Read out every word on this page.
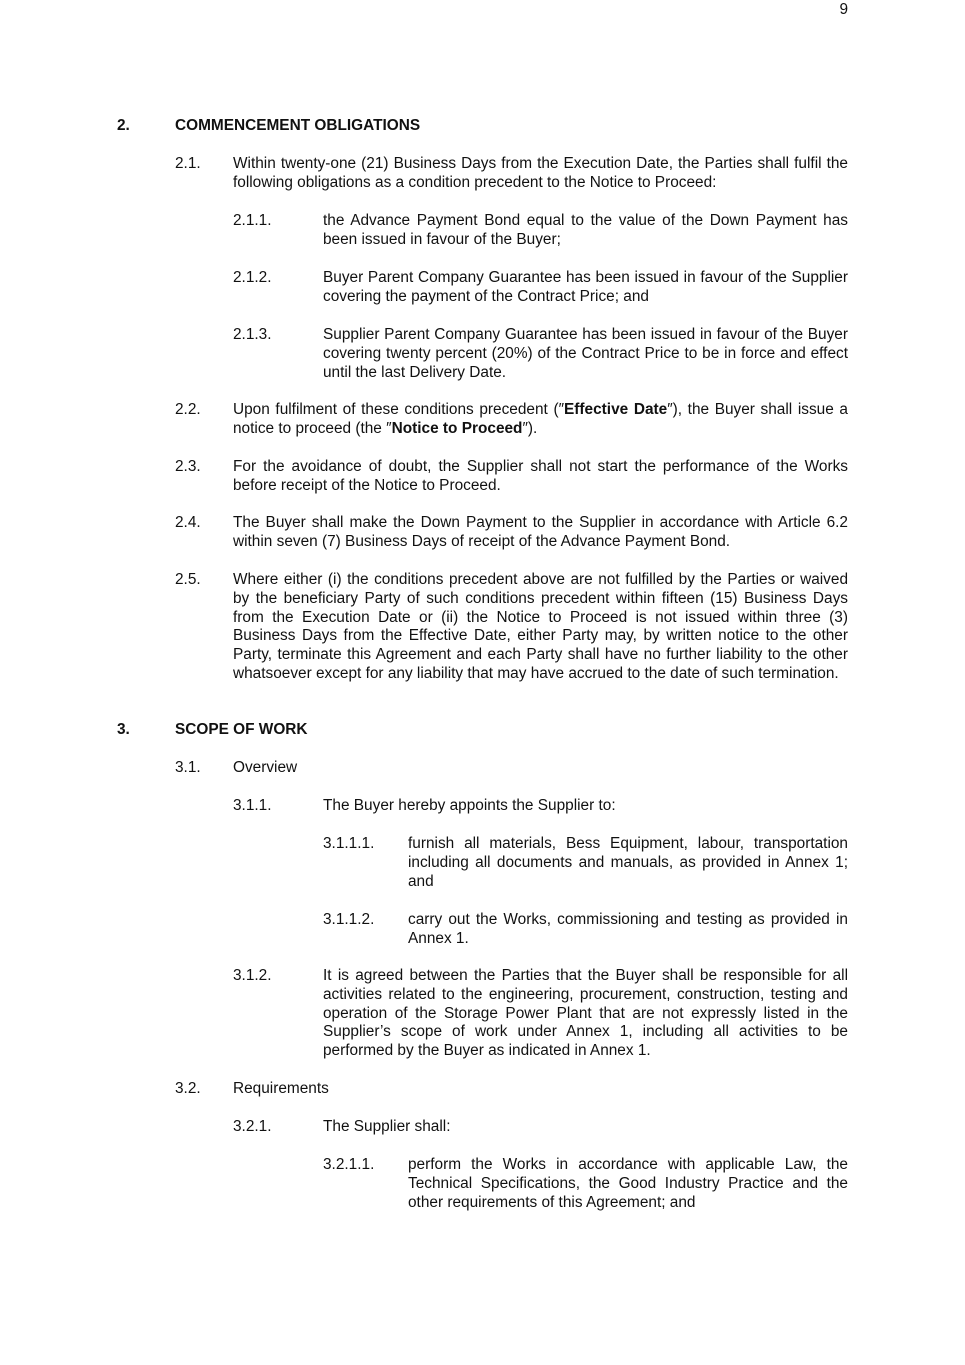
9
2.	COMMENCEMENT OBLIGATIONS
2.1. Within twenty-one (21) Business Days from the Execution Date, the Parties shall fulfil the following obligations as a condition precedent to the Notice to Proceed:
2.1.1.	the Advance Payment Bond equal to the value of the Down Payment has been issued in favour of the Buyer;
2.1.2.	Buyer Parent Company Guarantee has been issued in favour of the Supplier covering the payment of the Contract Price; and
2.1.3.	Supplier Parent Company Guarantee has been issued in favour of the Buyer covering twenty percent (20%) of the Contract Price to be in force and effect until the last Delivery Date.
2.2. Upon fulfilment of these conditions precedent (″Effective Date″), the Buyer shall issue a notice to proceed (the ″Notice to Proceed″).
2.3. For the avoidance of doubt, the Supplier shall not start the performance of the Works before receipt of the Notice to Proceed.
2.4. The Buyer shall make the Down Payment to the Supplier in accordance with Article 6.2 within seven (7) Business Days of receipt of the Advance Payment Bond.
2.5. Where either (i) the conditions precedent above are not fulfilled by the Parties or waived by the beneficiary Party of such conditions precedent within fifteen (15) Business Days from the Execution Date or (ii) the Notice to Proceed is not issued within three (3) Business Days from the Effective Date, either Party may, by written notice to the other Party, terminate this Agreement and each Party shall have no further liability to the other whatsoever except for any liability that may have accrued to the date of such termination.
3.	SCOPE OF WORK
3.1. Overview
3.1.1.	The Buyer hereby appoints the Supplier to:
3.1.1.1. furnish all materials, Bess Equipment, labour, transportation including all documents and manuals, as provided in Annex 1; and
3.1.1.2. carry out the Works, commissioning and testing as provided in Annex 1.
3.1.2.	It is agreed between the Parties that the Buyer shall be responsible for all activities related to the engineering, procurement, construction, testing and operation of the Storage Power Plant that are not expressly listed in the Supplier’s scope of work under Annex 1, including all activities to be performed by the Buyer as indicated in Annex 1.
3.2. Requirements
3.2.1.	The Supplier shall:
3.2.1.1. perform the Works in accordance with applicable Law, the Technical Specifications, the Good Industry Practice and the other requirements of this Agreement; and
